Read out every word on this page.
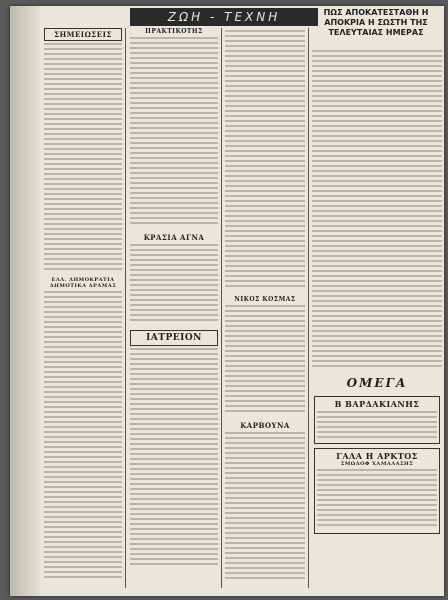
ΖΩΗ - ΤΕΧΝΗ	ΠΩΣ ΑΠΟΚΑΤΕΣΤΑΘΗ Η ΑΠΟΚΡΙΑ Η ΣΩΣΤΗ ΤΗΣ ΤΕΛΕΥΤΑΙΑΣ ΗΜΕΡΑΣ
ΣΗΜΕΙΩΣΕΙΣ
ΕΛΛ. ΔΗΜΟΚΡΑΤΙΑ ΔΗΜΟΤΙΚΑ ΔΡΑΜΑΣ
ΠΡΑΚΤΙΚΟΤΗΣ
ΚΡΑΣΙΑ ΑΓΝΑ
ΙΑΤΡΕΙΟΝ
ΝΙΚΟΣ ΚΟΣΜΑΣ
ΚΑΡΒΟΥΝΑ
ΟΜΕΓΑ
Β ΒΑΡΔΑΚΙΑΝΗΣ
ΓΑΛΑ Η ΑΡΚΤΟΣ
ΣΜΩΛΟΦ ΧΑΜΑΛΑΣΗΣ
